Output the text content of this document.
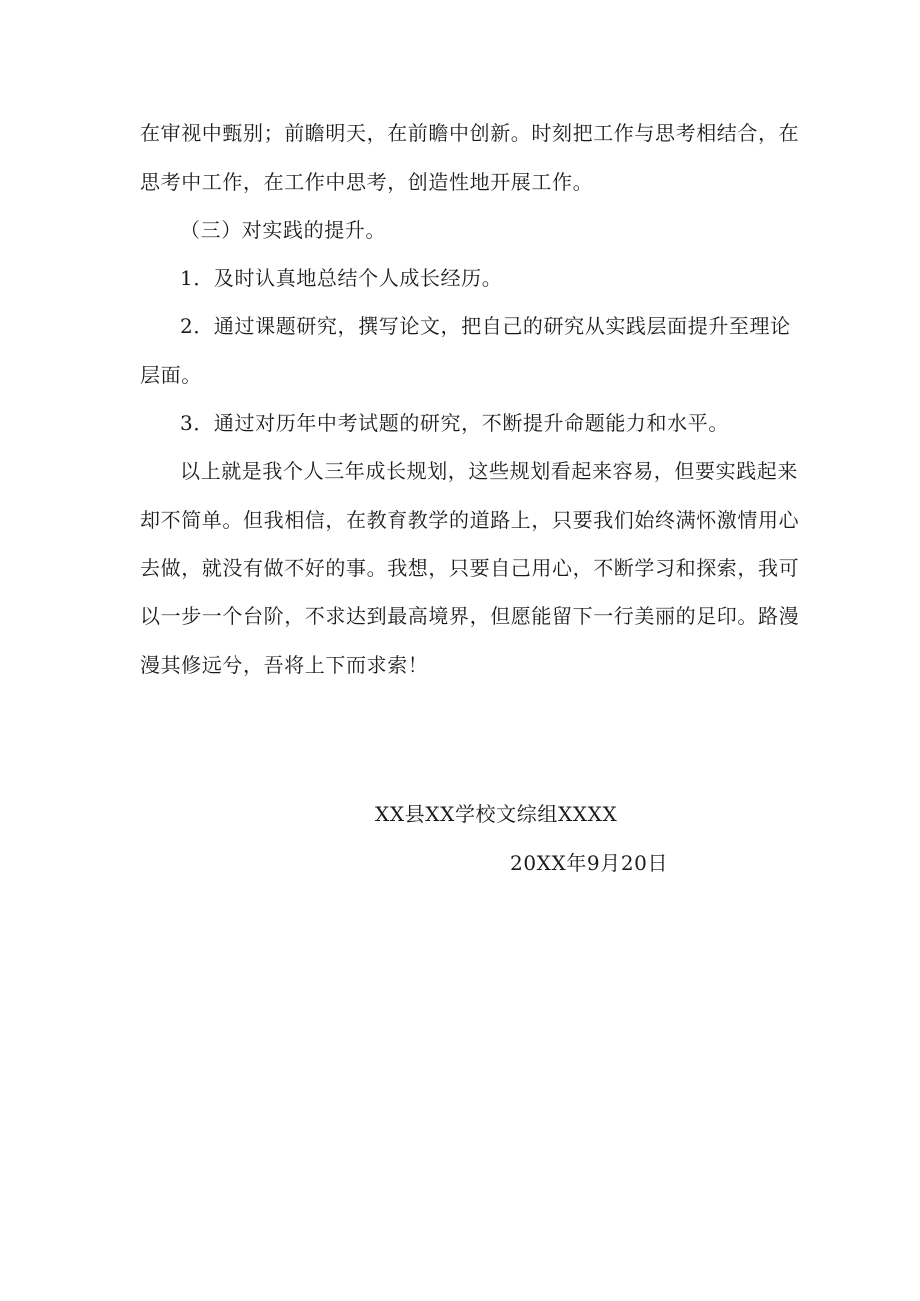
在审视中甄别；前瞻明天，在前瞻中创新。时刻把工作与思考相结合，在
思考中工作，在工作中思考，创造性地开展工作。
（三）对实践的提升。
1．及时认真地总结个人成长经历。
2．通过课题研究，撰写论文，把自己的研究从实践层面提升至理论
层面。
3．通过对历年中考试题的研究，不断提升命题能力和水平。
以上就是我个人三年成长规划，这些规划看起来容易，但要实践起来
却不简单。但我相信，在教育教学的道路上，只要我们始终满怀激情用心
去做，就没有做不好的事。我想，只要自己用心，不断学习和探索，我可
以一步一个台阶，不求达到最高境界，但愿能留下一行美丽的足印。路漫
漫其修远兮，吾将上下而求索！
XX县XX学校文综组XXXX
20XX年9月20日
